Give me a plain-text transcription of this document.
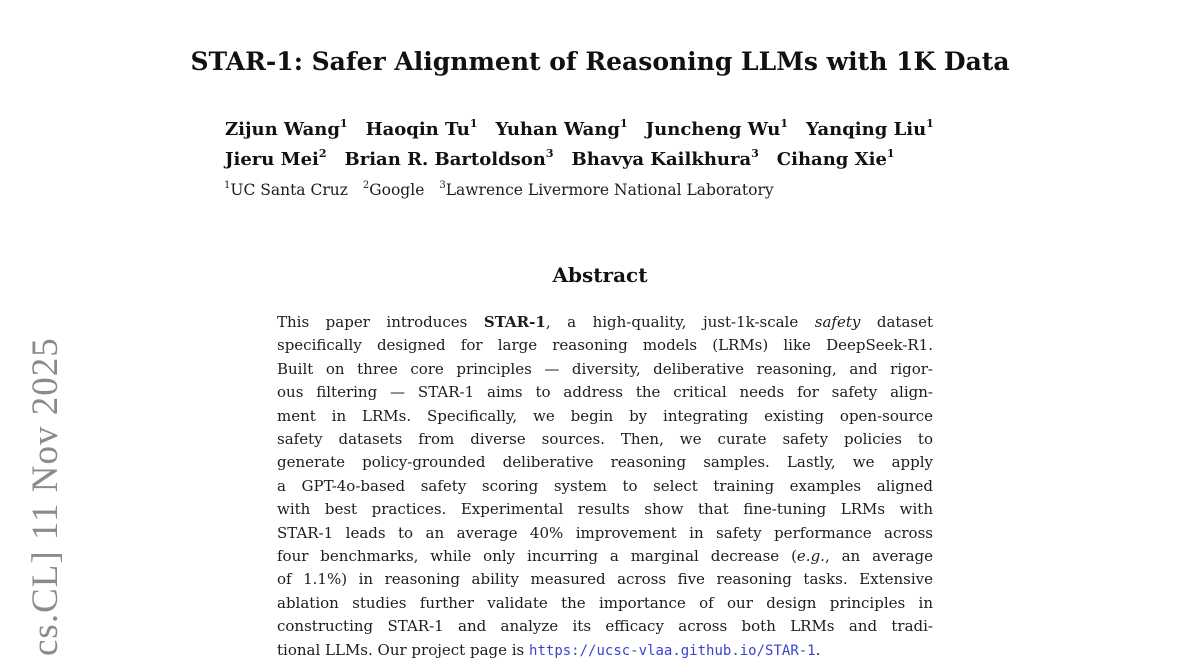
cs.CL] 11 Nov 2025
STAR-1: Safer Alignment of Reasoning LLMs with 1K Data
Zijun Wang$^1$ Haoqin Tu$^1$ Yuhan Wang$^1$ Juncheng Wu$^1$ Yanqing Liu$^1$
Jieru Mei$^2$ Brian R. Bartoldson$^3$ Bhavya Kailkhura$^3$ Cihang Xie$^1$
$^1$UC Santa Cruz $^2$Google $^3$Lawrence Livermore National Laboratory
Abstract
This paper introduces STAR-1, a high-quality, just-1k-scale safety dataset
specifically designed for large reasoning models (LRMs) like DeepSeek-R1.
Built on three core principles — diversity, deliberative reasoning, and rigor-
ous filtering — STAR-1 aims to address the critical needs for safety align-
ment in LRMs. Specifically, we begin by integrating existing open-source
safety datasets from diverse sources. Then, we curate safety policies to
generate policy-grounded deliberative reasoning samples. Lastly, we apply
a GPT-4o-based safety scoring system to select training examples aligned
with best practices. Experimental results show that fine-tuning LRMs with
STAR-1 leads to an average 40% improvement in safety performance across
four benchmarks, while only incurring a marginal decrease (e.g., an average
of 1.1%) in reasoning ability measured across five reasoning tasks. Extensive
ablation studies further validate the importance of our design principles in
constructing STAR-1 and analyze its efficacy across both LRMs and tradi-
tional LLMs. Our project page is https://ucsc-vlaa.github.io/STAR-1.
